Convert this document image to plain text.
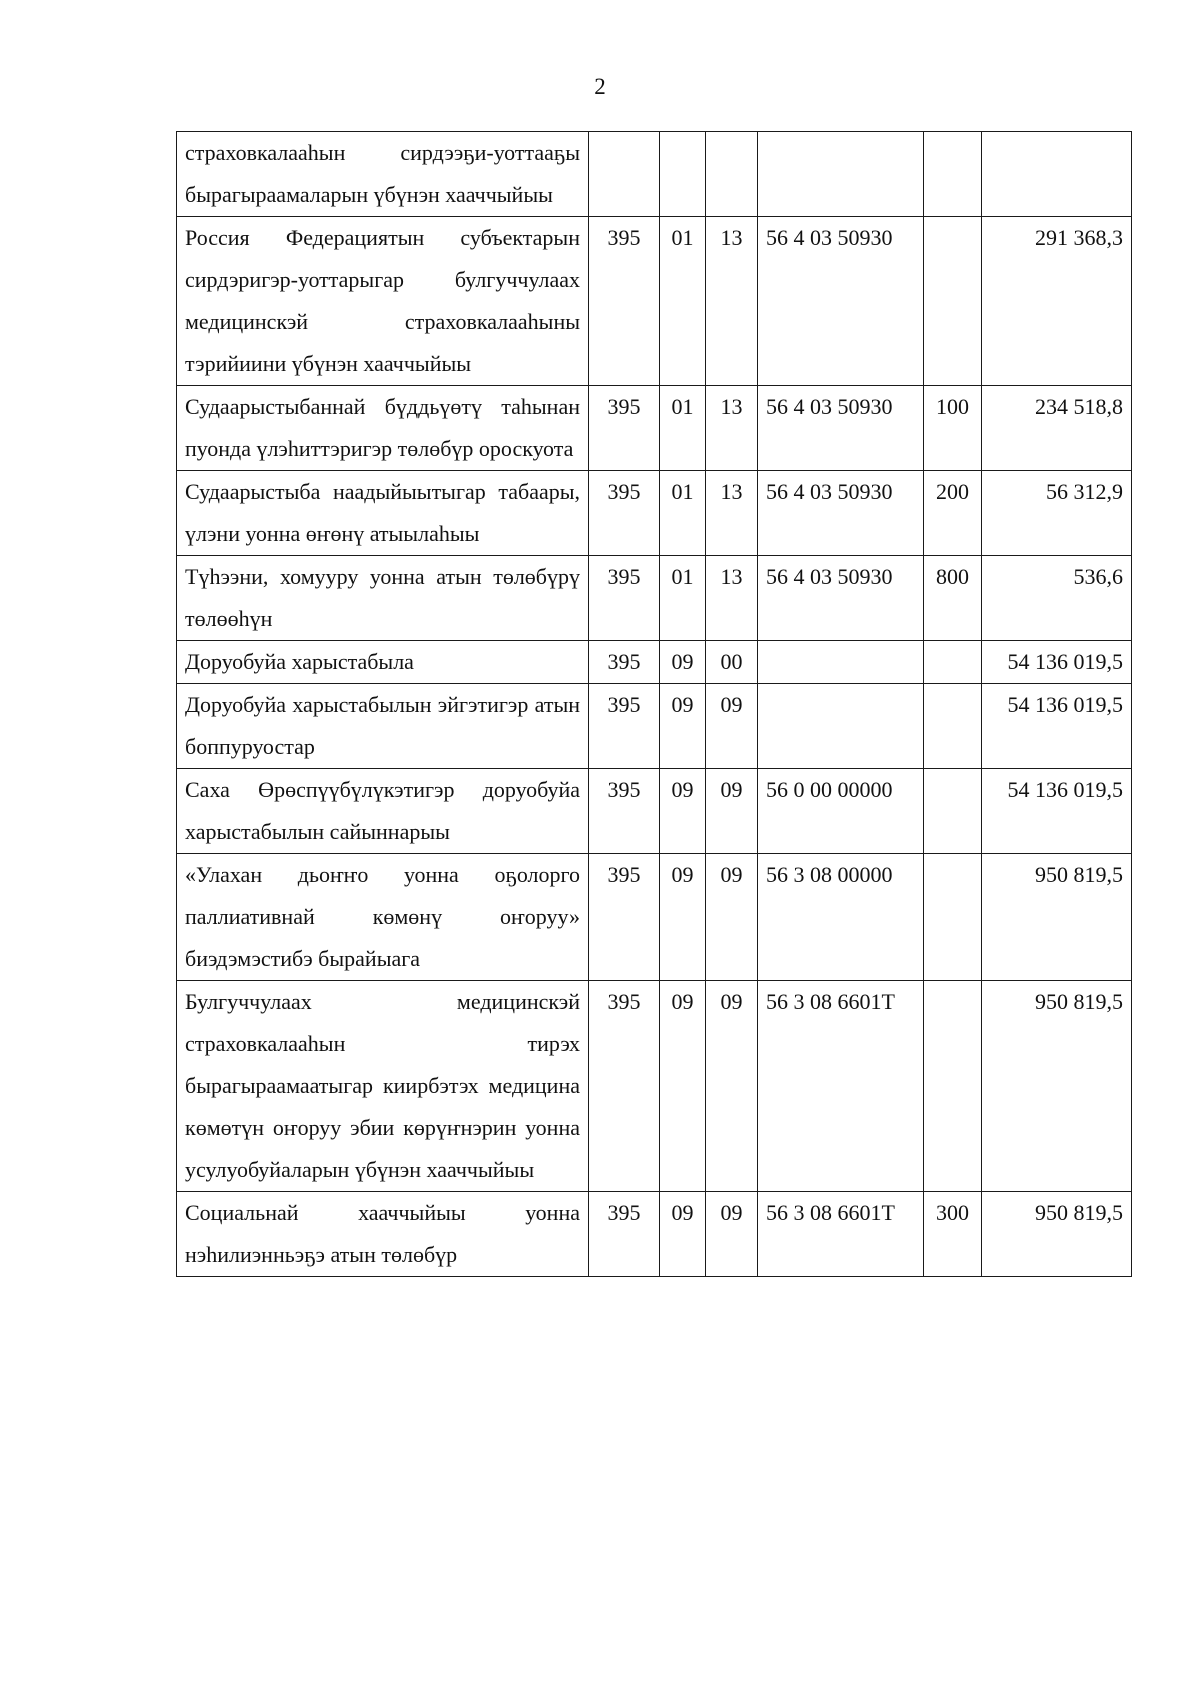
2
страховкалааһын сирдээҕи-уоттааҕы бырагыраамаларын үбүнэн хааччыйыы						
Россия Федерациятын субъектарын сирдэригэр-уоттарыгар булгуччулаах медицинскэй страховкалааһыны тэрийиини үбүнэн хааччыйыы	395	01	13	56 4 03 50930		291 368,3
Судаарыстыбаннай бүддьүөтү таһынан пуонда үлэһиттэригэр төлөбүр ороскуота	395	01	13	56 4 03 50930	100	234 518,8
Судаарыстыба наадыйыытыгар табаары, үлэни уонна өҥөнү атыылаһыы	395	01	13	56 4 03 50930	200	56 312,9
Түһээни, хомууру уонна атын төлөбүрү төлөөһүн	395	01	13	56 4 03 50930	800	536,6
Доруобуйа харыстабыла	395	09	00			54 136 019,5
Доруобуйа харыстабылын эйгэтигэр атын боппуруостар	395	09	09			54 136 019,5
Саха Өрөспүүбүлүкэтигэр доруобуйа харыстабылын сайыннарыы	395	09	09	56 0 00 00000		54 136 019,5
«Улахан дьоҥҥо уонна оҕолорго паллиативнай көмөнү оҥоруу» биэдэмэстибэ бырайыага	395	09	09	56 3 08 00000		950 819,5
Булгуччулаах медицинскэй страховкалааһын тирэх бырагыраамаатыгар киирбэтэх медицина көмөтүн оҥоруу эбии көрүҥнэрин уонна усулуобуйаларын үбүнэн хааччыйыы	395	09	09	56 3 08 6601Т		950 819,5
Социальнай хааччыйыы уонна нэһилиэнньэҕэ атын төлөбүр	395	09	09	56 3 08 6601Т	300	950 819,5
